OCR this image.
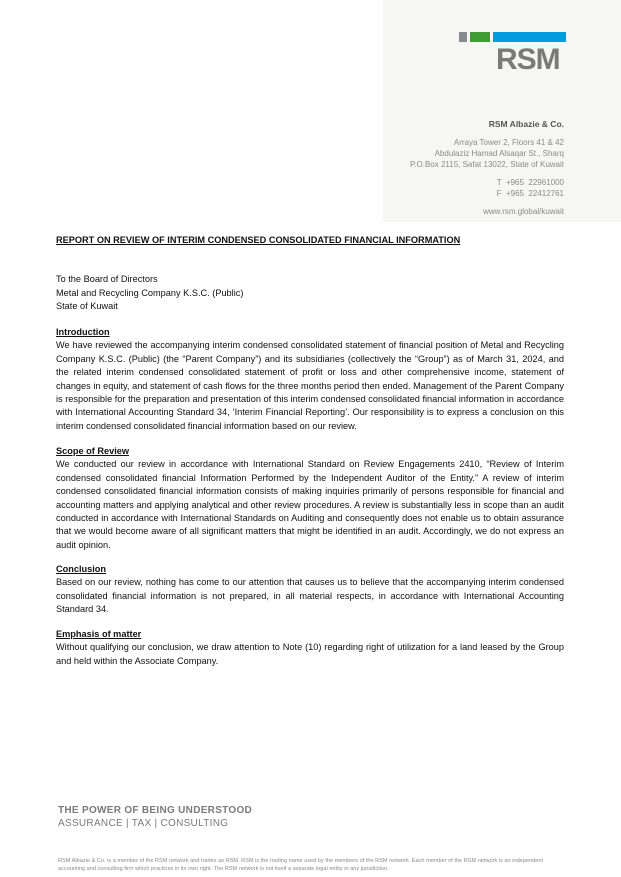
RSM
RSM Albazie & Co.
Arraya Tower 2, Floors 41 & 42
Abdulaziz Hamad Alsaqar St., Sharq
P.O.Box 2115, Safat 13022, State of Kuwait
T  +965  22961000
F  +965  22412761
www.rsm.global/kuwait
REPORT ON REVIEW OF INTERIM CONDENSED CONSOLIDATED FINANCIAL INFORMATION
To the Board of Directors
Metal and Recycling Company K.S.C. (Public)
State of Kuwait
Introduction

We have reviewed the accompanying interim condensed consolidated statement of financial position of Metal and Recycling Company K.S.C. (Public) (the “Parent Company”) and its subsidiaries (collectively the “Group”) as of March 31, 2024, and the related interim condensed consolidated statement of profit or loss and other comprehensive income, statement of changes in equity, and statement of cash flows for the three months period then ended. Management of the Parent Company is responsible for the preparation and presentation of this interim condensed consolidated financial information in accordance with International Accounting Standard 34, ‘Interim Financial Reporting’. Our responsibility is to express a conclusion on this interim condensed consolidated financial information based on our review.

Scope of Review

We conducted our review in accordance with International Standard on Review Engagements 2410, “Review of Interim condensed consolidated financial Information Performed by the Independent Auditor of the Entity.” A review of interim condensed consolidated financial information consists of making inquiries primarily of persons responsible for financial and accounting matters and applying analytical and other review procedures. A review is substantially less in scope than an audit conducted in accordance with International Standards on Auditing and consequently does not enable us to obtain assurance that we would become aware of all significant matters that might be identified in an audit. Accordingly, we do not express an audit opinion.

Conclusion

Based on our review, nothing has come to our attention that causes us to believe that the accompanying interim condensed consolidated financial information is not prepared, in all material respects, in accordance with International Accounting Standard 34.

Emphasis of matter

Without qualifying our conclusion, we draw attention to Note (10) regarding right of utilization for a land leased by the Group and held within the Associate Company.

THE POWER OF BEING UNDERSTOOD
ASSURANCE | TAX | CONSULTING
RSM Albazie & Co. is a member of the RSM network and trades as RSM. RSM is the trading name used by the members of the RSM network. Each member of the RSM network is an independent accounting and consulting firm which practices in its own right. The RSM network is not itself a separate legal entity in any jurisdiction.
